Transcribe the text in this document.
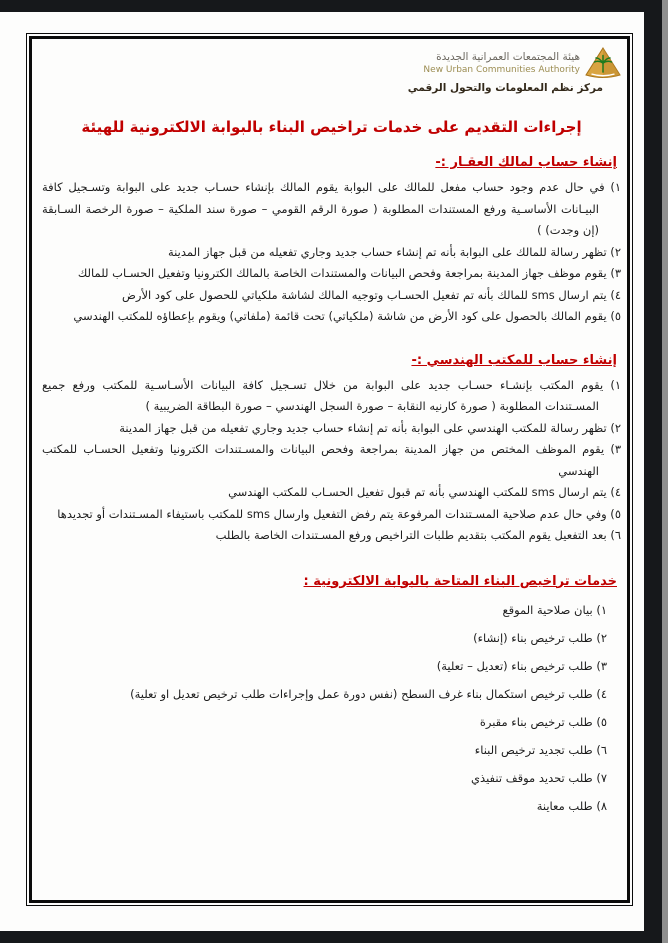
هيئة المجتمعات العمرانية الجديدة
New Urban Communities Authority
مركز نظم المعلومات والتحول الرقمي
إجراءات التقديم على خدمات تراخيص البناء بالبوابة الالكترونية للهيئة
إنشاء حساب لمالك العقـار :-
١) في حال عدم وجود حساب مفعل للمالك على البوابة يقوم المالك بإنشاء حسـاب جديد على البوابة وتسـجيل كافة البيـانات الأساسـية ورفع المستندات المطلوبة ( صورة الرقم القومي – صورة سند الملكية – صورة الرخصة السـابقة (إن وجدت) )
٢) تظهر رسالة للمالك على البوابة بأنه تم إنشاء حساب جديد وجاري تفعيله من قبل جهاز المدينة
٣) يقوم موظف جهاز المدينة بمراجعة وفحص البيانات والمستندات الخاصة بالمالك الكترونيا وتفعيل الحسـاب للمالك
٤) يتم ارسال sms للمالك بأنه تم تفعيل الحسـاب وتوجيه المالك لشاشة ملكياتي للحصول على كود الأرض
٥) يقوم المالك بالحصول على كود الأرض من شاشة (ملكياتي) تحت قائمة (ملفاتي) ويقوم بإعطاؤه للمكتب الهندسي
إنشاء حساب للمكتب الهندسي :-
١) يقوم المكتب بإنشـاء حسـاب جديد على البوابة من خلال تسـجيل كافة البيانات الأسـاسـية للمكتب ورفع جميع المسـتندات المطلوبة ( صورة كارنيه النقابة – صورة السجل الهندسي – صورة البطاقة الضريبية )
٢) تظهر رسالة للمكتب الهندسي على البوابة بأنه تم إنشاء حساب جديد وجاري تفعيله من قبل جهاز المدينة
٣) يقوم الموظف المختص من جهاز المدينة بمراجعة وفحص البيانات والمسـتندات الكترونيا وتفعيل الحسـاب للمكتب الهندسي
٤) يتم ارسال sms للمكتب الهندسي بأنه تم قبول تفعيل الحسـاب للمكتب الهندسي
٥) وفي حال عدم صلاحية المسـتندات المرفوعة يتم رفض التفعيل وارسال sms للمكتب باستيفاء المسـتندات أو تجديدها
٦) بعد التفعيل يقوم المكتب بتقديم طلبات التراخيص ورفع المسـتندات الخاصة بالطلب
خدمات تراخيص البناء المتاحة بالبوابة الالكترونية :
١) بيان صلاحية الموقع
٢) طلب ترخيص بناء (إنشاء)
٣) طلب ترخيص بناء (تعديل – تعلية)
٤) طلب ترخيص استكمال بناء غرف السطح (نفس دورة عمل وإجراءات طلب ترخيص تعديل او تعلية)
٥) طلب ترخيص بناء مقبرة
٦) طلب تجديد ترخيص البناء
٧) طلب تحديد موقف تنفيذي
٨) طلب معاينة
